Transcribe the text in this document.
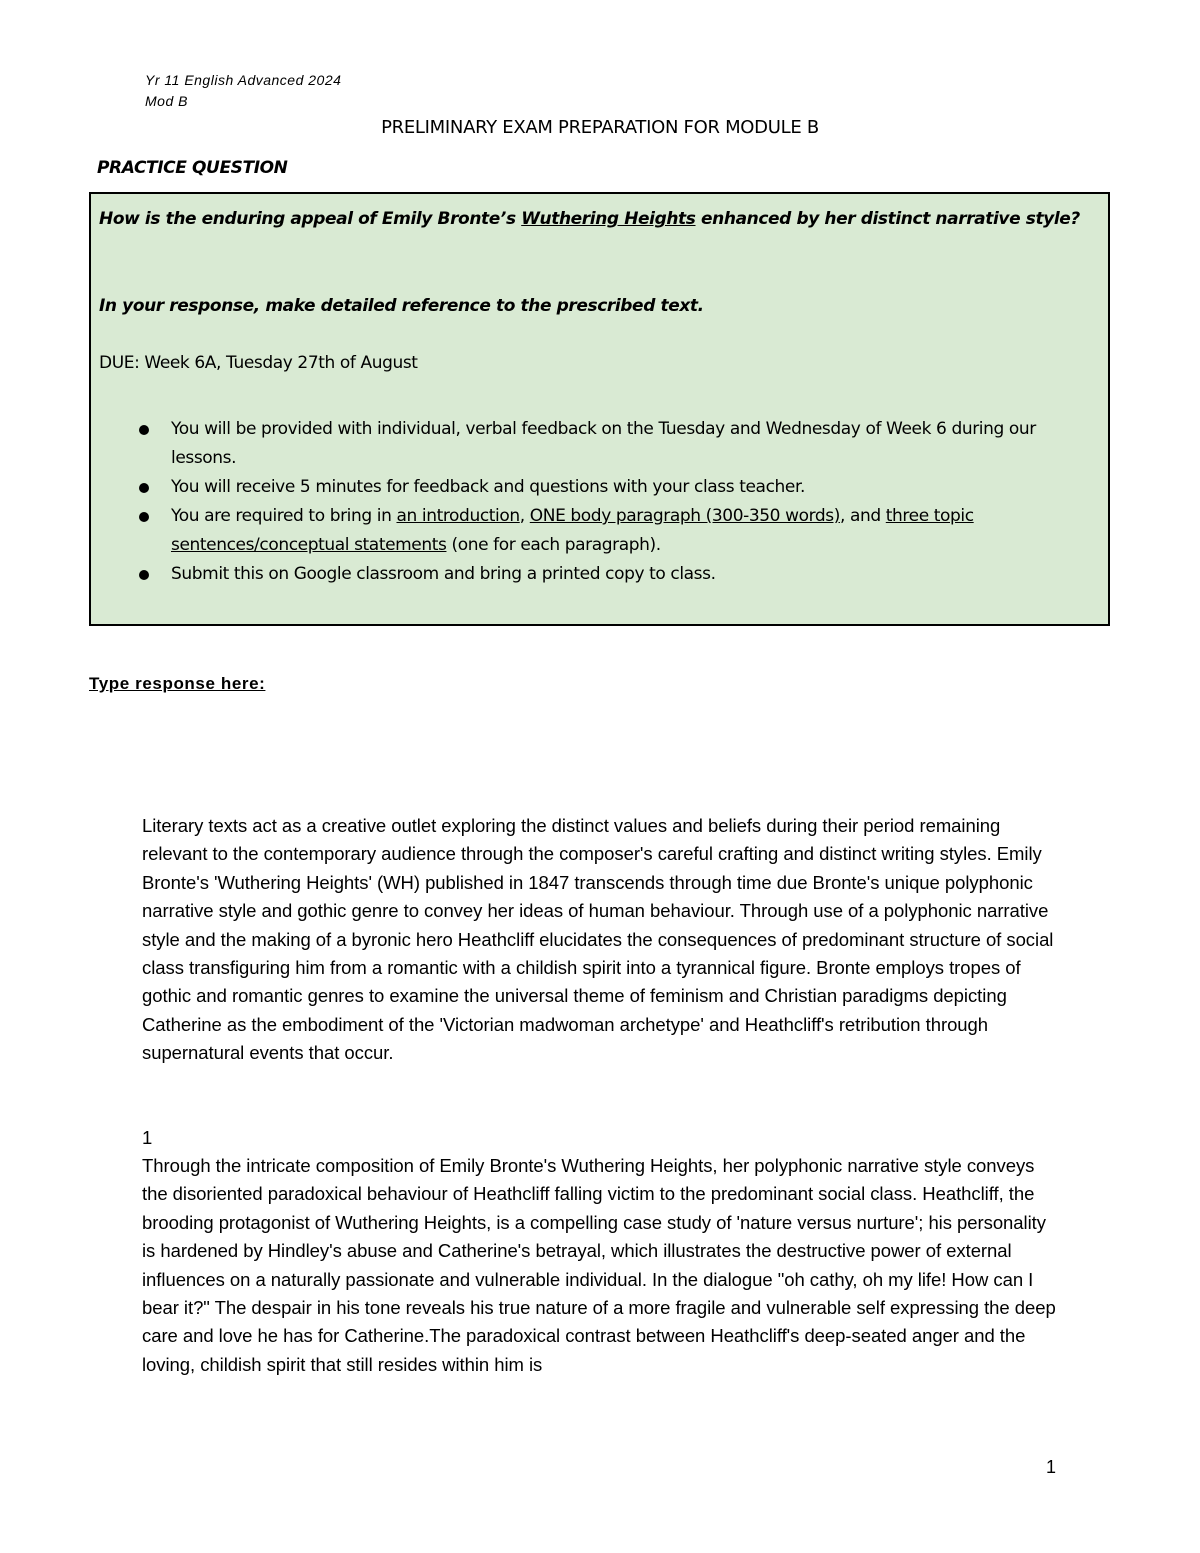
Yr 11 English Advanced 2024
Mod B
PRELIMINARY EXAM PREPARATION FOR MODULE B
PRACTICE QUESTION
How is the enduring appeal of Emily Bronte’s Wuthering Heights enhanced by her distinct narrative style?
In your response, make detailed reference to the prescribed text.
DUE: Week 6A, Tuesday 27th of August
You will be provided with individual, verbal feedback on the Tuesday and Wednesday of Week 6 during our lessons.
You will receive 5 minutes for feedback and questions with your class teacher.
You are required to bring in an introduction, ONE body paragraph (300-350 words), and three topic sentences/conceptual statements (one for each paragraph).
Submit this on Google classroom and bring a printed copy to class.
Type response here:

Literary texts act as a creative outlet exploring the distinct values and beliefs during their period remaining relevant to the contemporary audience through the composer's careful crafting and distinct writing styles. Emily Bronte's 'Wuthering Heights' (WH) published in 1847 transcends through time due Bronte's unique polyphonic narrative style and gothic genre to convey her ideas of human behaviour. Through use of a polyphonic narrative style and the making of a byronic hero Heathcliff elucidates the consequences of predominant structure of social class transfiguring him from a romantic with a childish spirit into a tyrannical figure. Bronte employs tropes of gothic and romantic genres to examine the universal theme of feminism and Christian paradigms depicting Catherine as the embodiment of the 'Victorian madwoman archetype' and Heathcliff's retribution through supernatural events that occur.

1

Through the intricate composition of Emily Bronte's Wuthering Heights, her polyphonic narrative style conveys the disoriented paradoxical behaviour of Heathcliff falling victim to the predominant social class. Heathcliff, the brooding protagonist of Wuthering Heights, is a compelling case study of 'nature versus nurture'; his personality is hardened by Hindley's abuse and Catherine's betrayal, which illustrates the destructive power of external influences on a naturally passionate and vulnerable individual. In the dialogue "oh cathy, oh my life! How can I bear it?" The despair in his tone reveals his true nature of a more fragile and vulnerable self expressing the deep care and love he has for Catherine.The paradoxical contrast between Heathcliff's deep-seated anger and the loving, childish spirit that still resides within him is

1
